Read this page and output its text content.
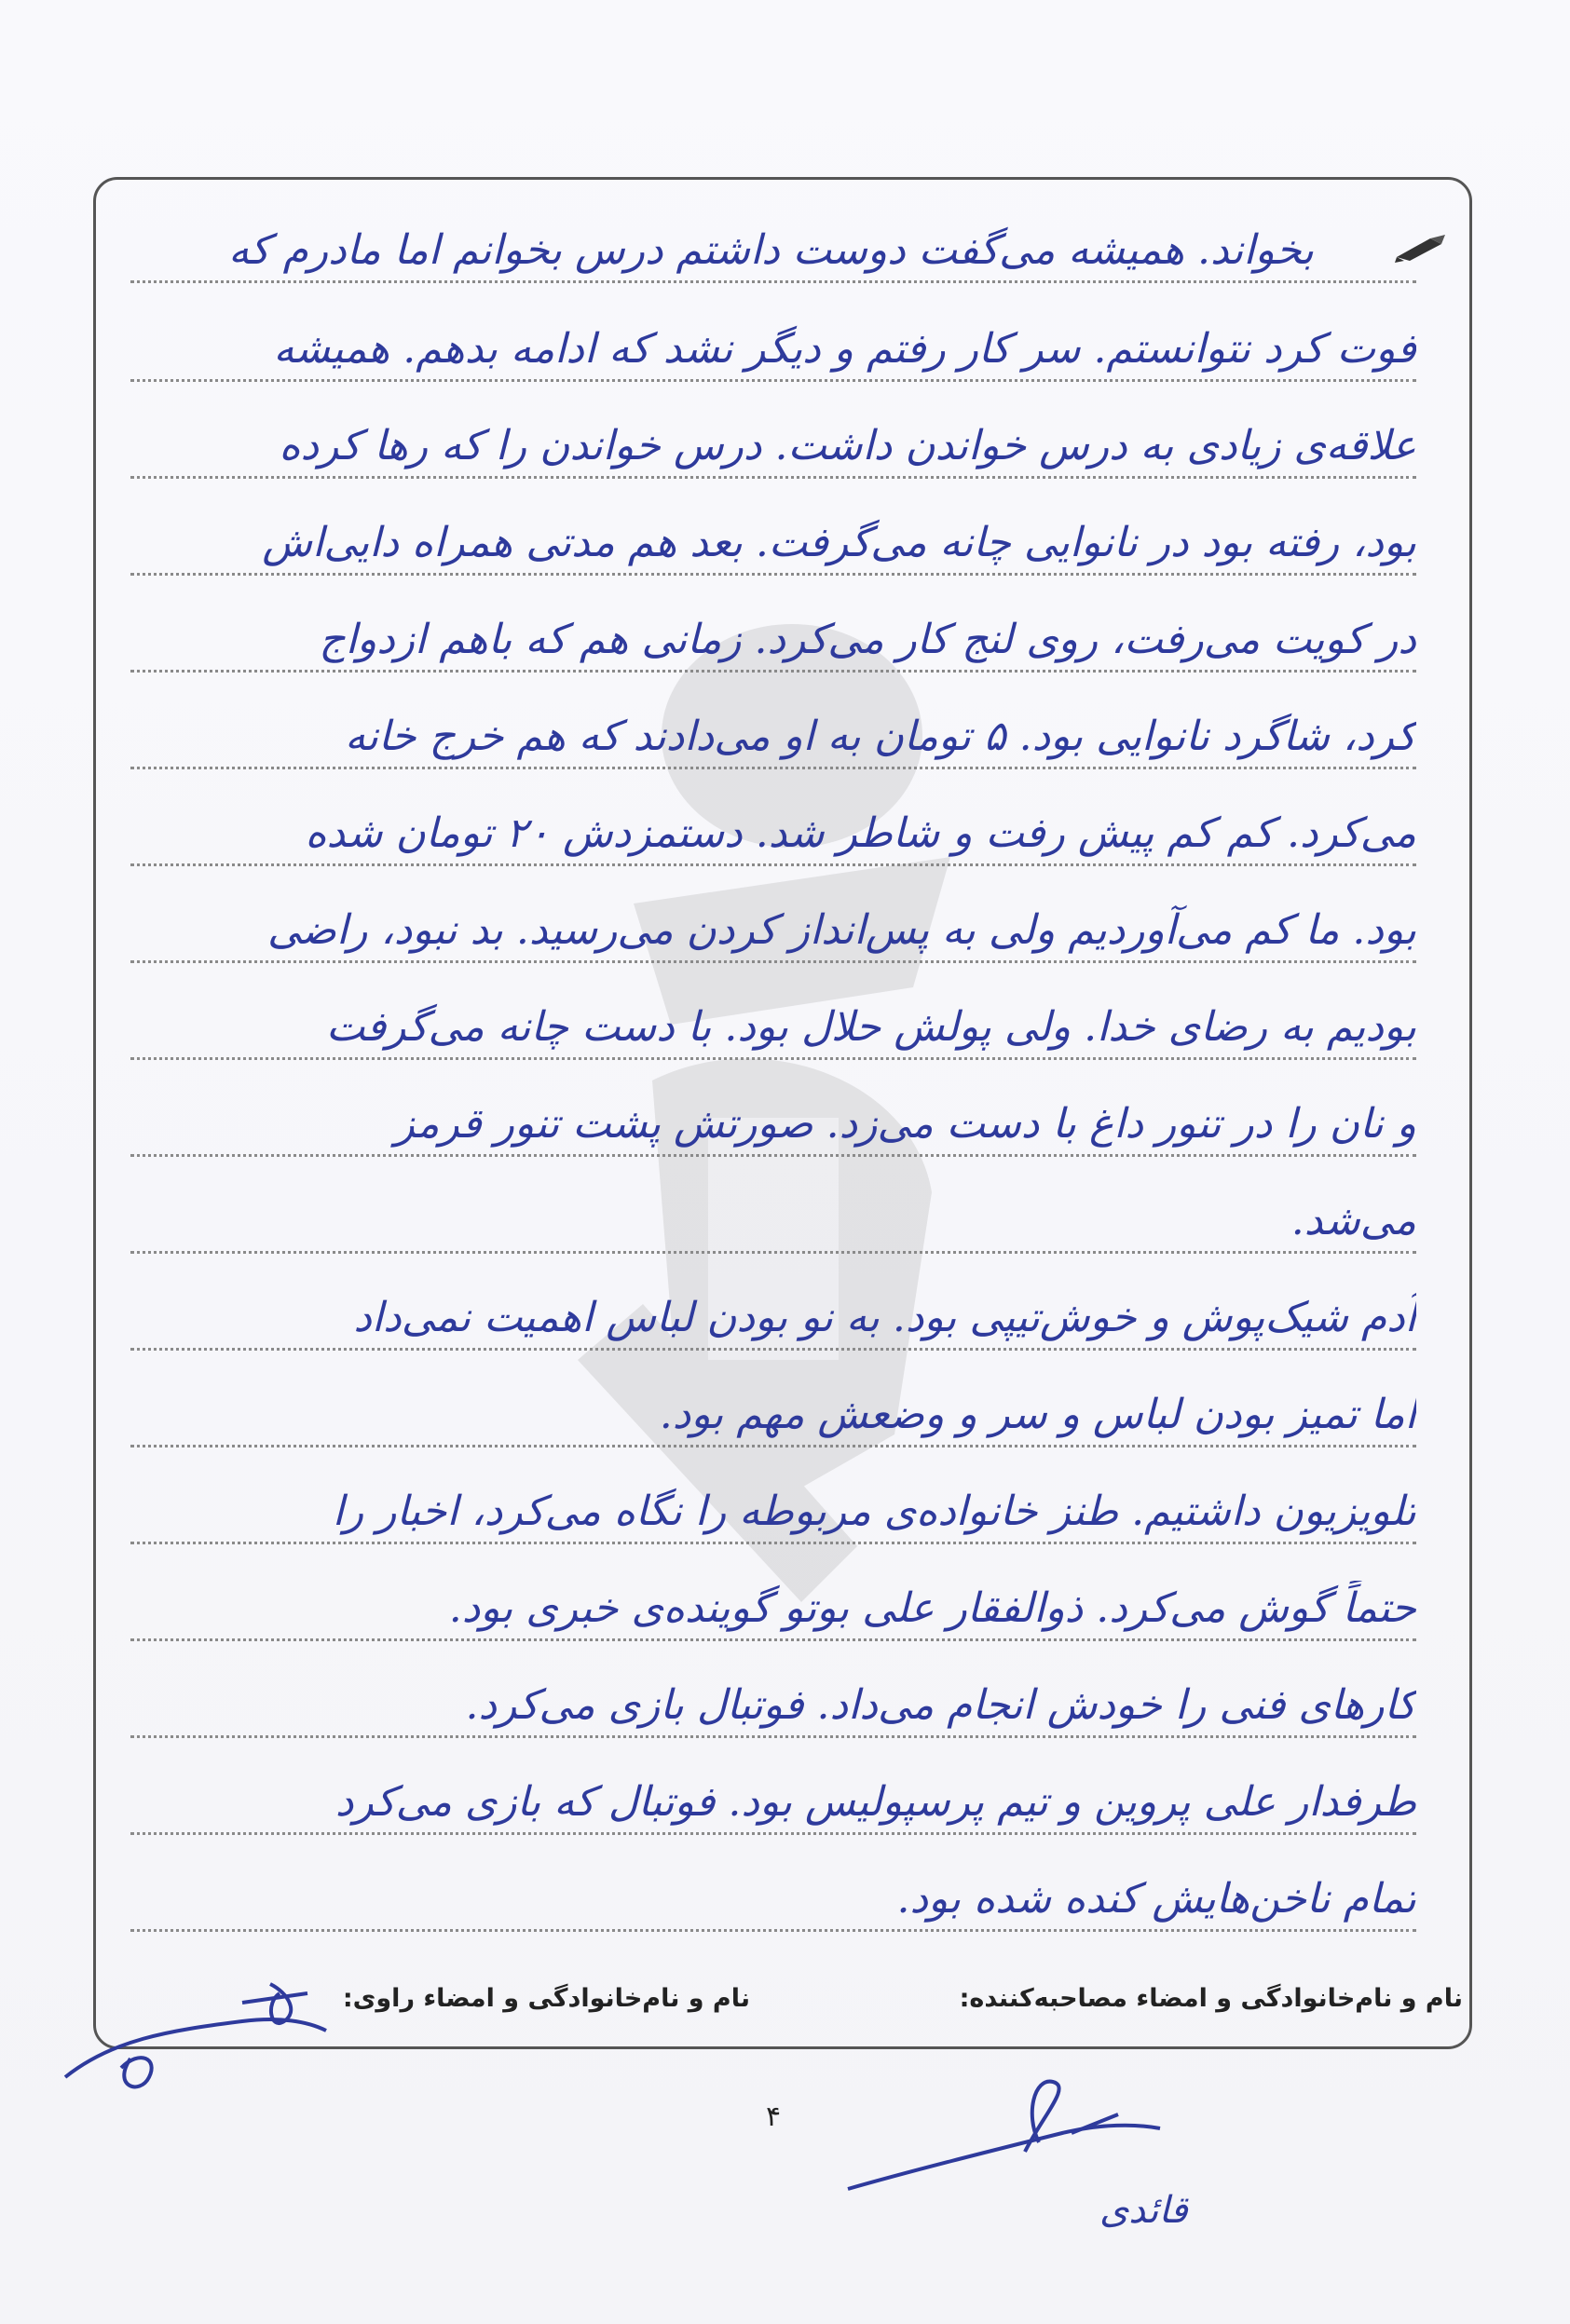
بخواند. همیشه می‌گفت دوست داشتم درس بخوانم اما مادرم که
فوت کرد نتوانستم. سر کار رفتم و دیگر نشد که ادامه بدهم. همیشه
علاقه‌ی زیادی به درس خواندن داشت. درس خواندن را که رها کرده
بود، رفته بود در نانوایی چانه می‌گرفت. بعد هم مدتی همراه دایی‌اش
در کویت می‌رفت، روی لنج کار می‌کرد. زمانی هم که باهم ازدواج
کرد، شاگرد نانوایی بود. ۵ تومان به او می‌دادند که هم خرج خانه
می‌کرد. کم کم پیش رفت و شاطر شد. دستمزدش ۲۰ تومان شده
بود. ما کم می‌آوردیم ولی به پس‌انداز کردن می‌رسید. بد نبود، راضی
بودیم به رضای خدا. ولی پولش حلال بود. با دست چانه می‌گرفت
و نان را در تنور داغ با دست می‌زد. صورتش پشت تنور قرمز
می‌شد.
آدم شیک‌پوش و خوش‌تیپی بود. به نو بودن لباس اهمیت نمی‌داد
اما تمیز بودن لباس و سر و وضعش مهم بود.
تلویزیون داشتیم. طنز خانواده‌ی مربوطه را نگاه می‌کرد، اخبار را
حتماً گوش می‌کرد. ذوالفقار علی بوتو گوینده‌ی خبری بود.
کارهای فنی را خودش انجام می‌داد. فوتبال بازی می‌کرد.
طرفدار علی پروین و تیم پرسپولیس بود. فوتبال که بازی می‌کرد
تمام ناخن‌هایش کنده شده بود.
نام و نام‌خانوادگی و امضاء مصاحبه‌کننده:
نام و نام‌خانوادگی و امضاء راوی:
۴
قائدی
